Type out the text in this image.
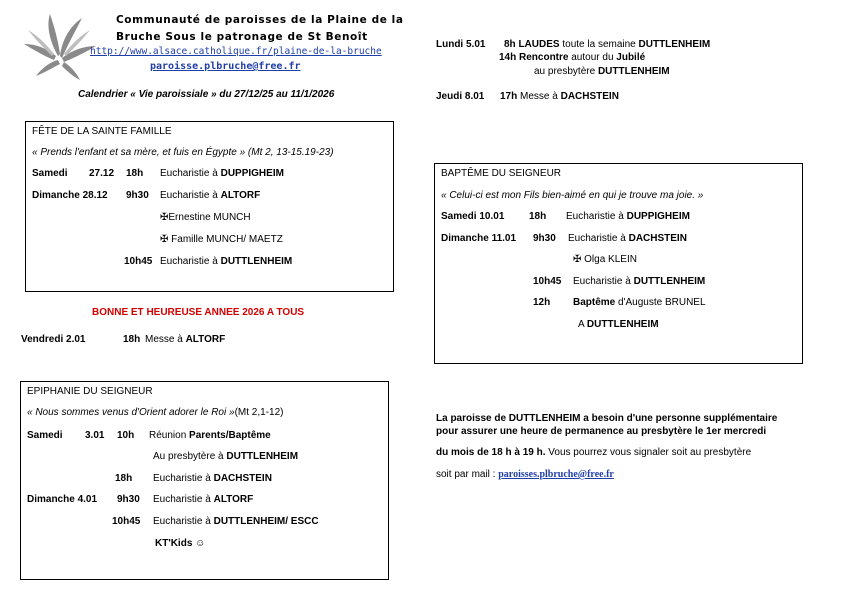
Communauté de paroisses de la Plaine de la
Bruche Sous le patronage de St Benoît
http://www.alsace.catholique.fr/plaine-de-la-bruche
paroisse.plbruche@free.fr
Calendrier « Vie paroissiale » du 27/12/25 au 11/1/2026
FÊTE DE LA SAINTE FAMILLE
« Prends l'enfant et sa mère, et fuis en Égypte » (Mt 2, 13-15.19-23)
Samedi 27.12 18h Eucharistie à DUPPIGHEIM
Dimanche 28.12 9h30 Eucharistie à ALTORF
✠Ernestine MUNCH
✠ Famille MUNCH/ MAETZ
10h45 Eucharistie à DUTTLENHEIM
BONNE ET HEUREUSE ANNEE 2026 A TOUS
Vendredi 2.01	18h Messe à ALTORF
EPIPHANIE DU SEIGNEUR
« Nous sommes venus d'Orient adorer le Roi »(Mt 2,1-12)
Samedi 3.01 10h Réunion Parents/Baptême
Au presbytère à DUTTLENHEIM
18h Eucharistie à DACHSTEIN
Dimanche 4.01 9h30 Eucharistie à ALTORF
10h45 Eucharistie à DUTTLENHEIM/ ESCC
KT'Kids ☺
Lundi 5.01 8h LAUDES toute la semaine DUTTLENHEIM
14h Rencontre autour du Jubilé
au presbytère DUTTLENHEIM
Jeudi 8.01 17h Messe à DACHSTEIN
BAPTÊME DU SEIGNEUR
« Celui-ci est mon Fils bien-aimé en qui je trouve ma joie. »
Samedi 10.01 18h Eucharistie à DUPPIGHEIM
Dimanche 11.01 9h30 Eucharistie à DACHSTEIN
✠ Olga KLEIN
10h45 Eucharistie à DUTTLENHEIM
12h Baptême d'Auguste BRUNEL
A DUTTLENHEIM
La paroisse de DUTTLENHEIM a besoin d'une personne supplémentaire
pour assurer une heure de permanence au presbytère le 1er mercredi
du mois de 18 h à 19 h. Vous pourrez vous signaler soit au presbytère
soit par mail : paroisses.plbruche@free.fr
